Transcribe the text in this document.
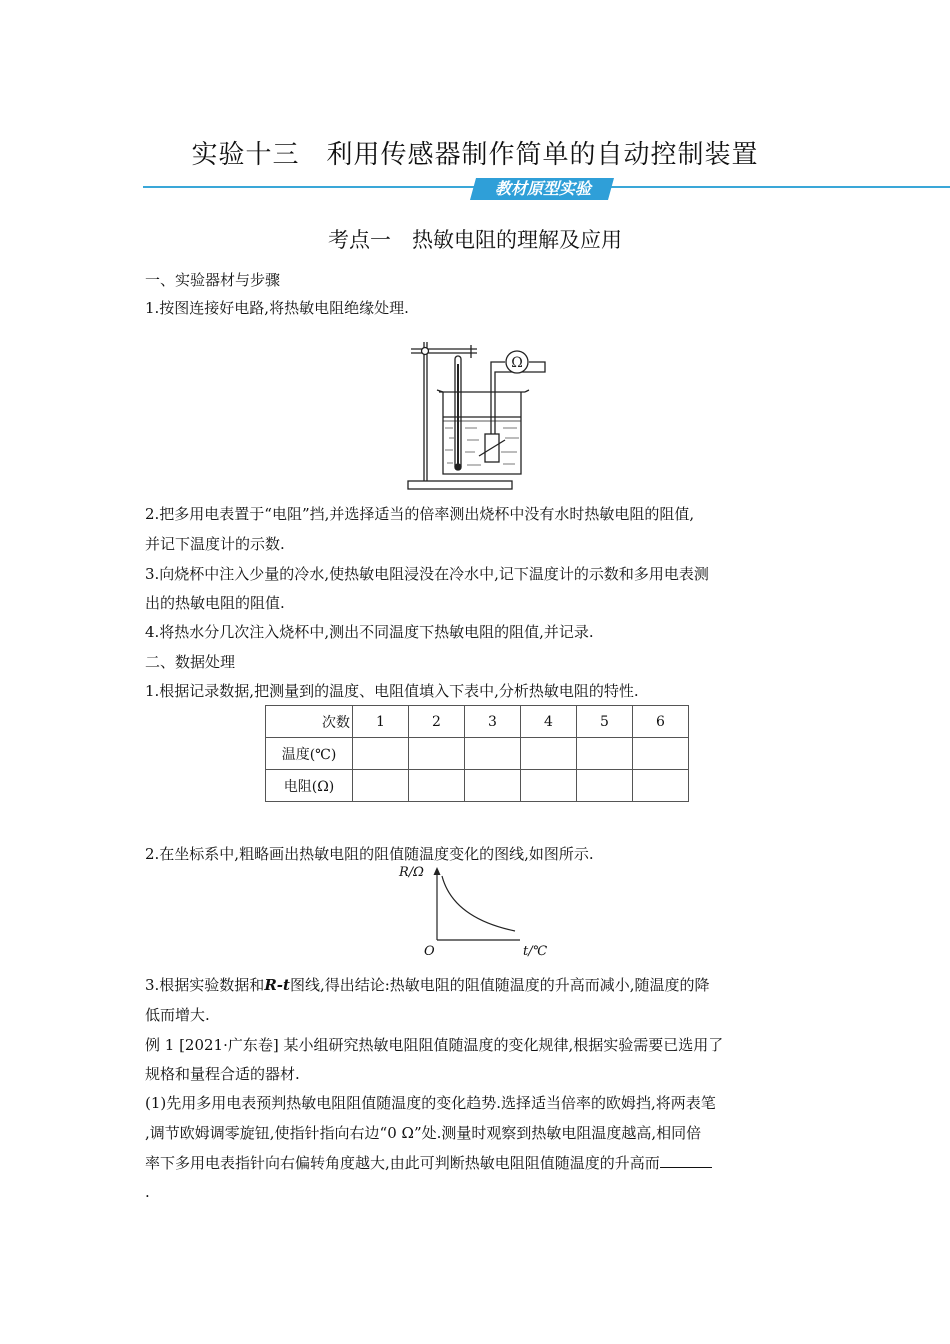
实验十三　利用传感器制作简单的自动控制装置
教材原型实验
考点一　热敏电阻的理解及应用
一、实验器材与步骤
1.按图连接好电路,将热敏电阻绝缘处理.
Ω
2.把多用电表置于“电阻”挡,并选择适当的倍率测出烧杯中没有水时热敏电阻的阻值,
并记下温度计的示数.
3.向烧杯中注入少量的冷水,使热敏电阻浸没在冷水中,记下温度计的示数和多用电表测
出的热敏电阻的阻值.
4.将热水分几次注入烧杯中,测出不同温度下热敏电阻的阻值,并记录.
二、数据处理
1.根据记录数据,把测量到的温度、电阻值填入下表中,分析热敏电阻的特性.
次数	1	2	3	4	5	6
温度(℃)						
电阻(Ω)						
2.在坐标系中,粗略画出热敏电阻的阻值随温度变化的图线,如图所示.
R/Ω
t/℃
O
3.根据实验数据和R-t图线,得出结论:热敏电阻的阻值随温度的升高而减小,随温度的降
低而增大.
例 1 [2021·广东卷] 某小组研究热敏电阻阻值随温度的变化规律,根据实验需要已选用了
规格和量程合适的器材.
(1)先用多用电表预判热敏电阻阻值随温度的变化趋势.选择适当倍率的欧姆挡,将两表笔
,调节欧姆调零旋钮,使指针指向右边“0 Ω”处.测量时观察到热敏电阻温度越高,相同倍
率下多用电表指针向右偏转角度越大,由此可判断热敏电阻阻值随温度的升高而
.
